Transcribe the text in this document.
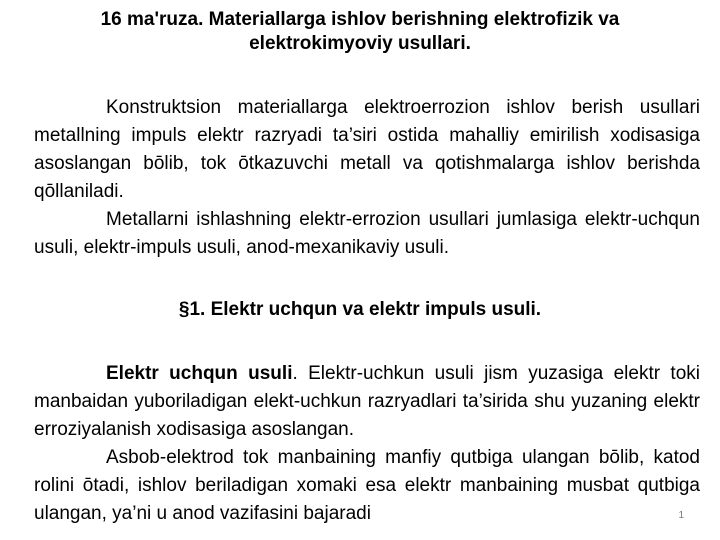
16 ma'ruza. Materiallarga ishlov berishning elektrofizik va elektrokimyoviy usullari.
Konstruktsion materiallarga elektroerrozion ishlov berish usullari metallning impuls elektr razryadi ta’siri ostida mahalliy emirilish xodisasiga asoslangan bōlib, tok ōtkazuvchi metall va qotishmalarga ishlov berishda qōllaniladi.
Metallarni ishlashning elektr-errozion usullari jumlasiga elektr-uchqun usuli, elektr-impuls usuli, anod-mexanikaviy usuli.
§1. Elektr uchqun va elektr impuls usuli.
Elektr uchqun usuli. Elektr-uchkun usuli jism yuzasiga elektr toki manbaidan yuboriladigan elekt-uchkun razryadlari ta’sirida shu yuzaning elektr erroziyalanish xodisasiga asoslangan.
Asbob-elektrod tok manbaining manfiy qutbiga ulangan bōlib, katod rolini ōtadi, ishlov beriladigan xomaki esa elektr manbaining musbat qutbiga ulangan, ya’ni u anod vazifasini bajaradi	1
